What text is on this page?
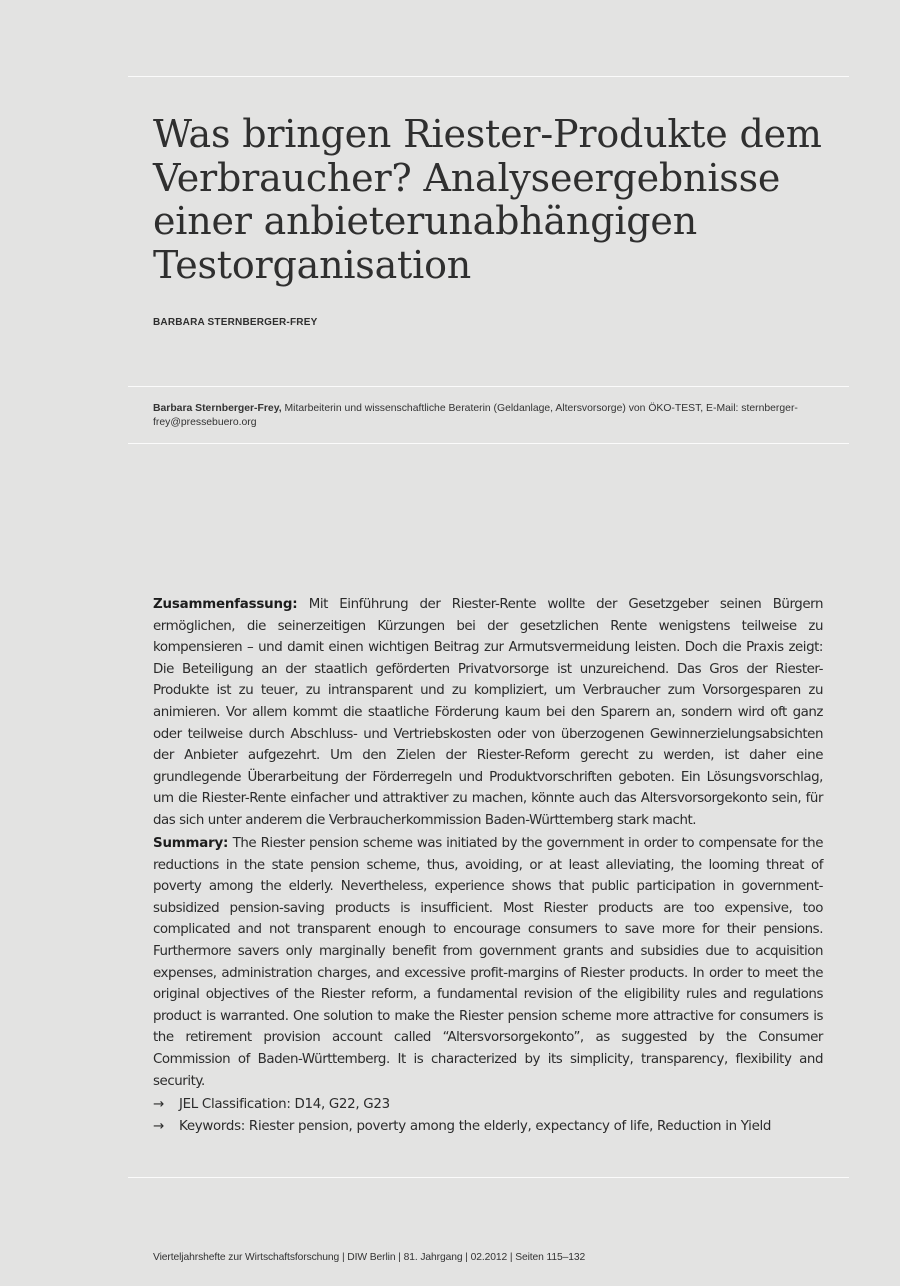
Was bringen Riester-Produkte dem Verbraucher? Analyseergebnisse einer anbieterunabhängigen Testorganisation

BARBARA STERNBERGER-FREY

Barbara Sternberger-Frey, Mitarbeiterin und wissenschaftliche Beraterin (Geldanlage, Altersvorsorge) von ÖKO-TEST, E-Mail: sternberger-frey@pressebuero.org

Zusammenfassung: Mit Einführung der Riester-Rente wollte der Gesetzgeber seinen Bürgern ermöglichen, die seinerzeitigen Kürzungen bei der gesetzlichen Rente wenigstens teilweise zu kompensieren – und damit einen wichtigen Beitrag zur Armutsvermeidung leisten. Doch die Praxis zeigt: Die Beteiligung an der staatlich geförderten Privatvorsorge ist unzureichend. Das Gros der Riester-Produkte ist zu teuer, zu intransparent und zu kompliziert, um Verbraucher zum Vorsorgesparen zu animieren. Vor allem kommt die staatliche Förderung kaum bei den Sparern an, sondern wird oft ganz oder teilweise durch Abschluss- und Vertriebskosten oder von überzogenen Gewinnerzielungsabsichten der Anbieter aufgezehrt. Um den Zielen der Riester-Reform gerecht zu werden, ist daher eine grundlegende Überarbeitung der Förderregeln und Produktvorschriften geboten. Ein Lösungsvorschlag, um die Riester-Rente einfacher und attraktiver zu machen, könnte auch das Altersvorsorgekonto sein, für das sich unter anderem die Verbraucherkommission Baden-Württemberg stark macht.

Summary: The Riester pension scheme was initiated by the government in order to compensate for the reductions in the state pension scheme, thus, avoiding, or at least alleviating, the looming threat of poverty among the elderly. Nevertheless, experience shows that public participation in government-subsidized pension-saving products is insufficient. Most Riester products are too expensive, too complicated and not transparent enough to encourage consumers to save more for their pensions. Furthermore savers only marginally benefit from government grants and subsidies due to acquisition expenses, administration charges, and excessive profit-margins of Riester products. In order to meet the original objectives of the Riester reform, a fundamental revision of the eligibility rules and regulations product is warranted. One solution to make the Riester pension scheme more attractive for consumers is the retirement provision account called “Altersvorsorgekonto”, as suggested by the Consumer Commission of Baden-Württemberg. It is characterized by its simplicity, transparency, flexibility and security.

→ JEL Classification: D14, G22, G23
→ Keywords: Riester pension, poverty among the elderly, expectancy of life, Reduction in Yield

Vierteljahrshefte zur Wirtschaftsforschung | DIW Berlin | 81. Jahrgang | 02.2012 | Seiten 115–132
